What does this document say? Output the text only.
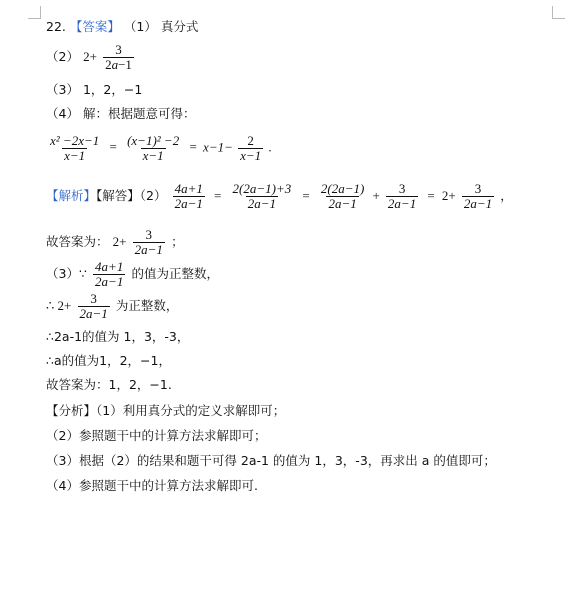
22. 【答案】 （1） 真分式
（2） $2+ \frac{3}{2a-1}$
（3） 1，2，−1
（4） 解：根据题意可得：
$\frac{\text{x² −2x−1}}{x-1} = \frac{\text{(x−1)² −2}}{x-1} = x-1- \frac{2}{x-1}$ .
【解析】【解答】$(2) \frac{4a+1}{2a-1} = \frac{2(2a-1)+3}{2a-1} = \frac{2(2a-1)}{2a-1} + \frac{3}{2a-1} = 2+ \frac{3}{2a-1}$ ，
故答案为： $2+ \frac{3}{2a-1}$ ；
（3）∵ $\frac{4a+1}{2a-1}$ 的值为正整数，
∴ $2+ \frac{3}{2a-1}$ 为正整数，
∴2a-1的值为 1，3，-3，
∴a的值为1，2，−1，
故答案为：1，2，−1.
【分析】（1）利用真分式的定义求解即可；
（2）参照题干中的计算方法求解即可；
（3）根据（2）的结果和题干可得 2a-1 的值为 1，3，-3，再求出 a 的值即可；
（4）参照题干中的计算方法求解即可.
